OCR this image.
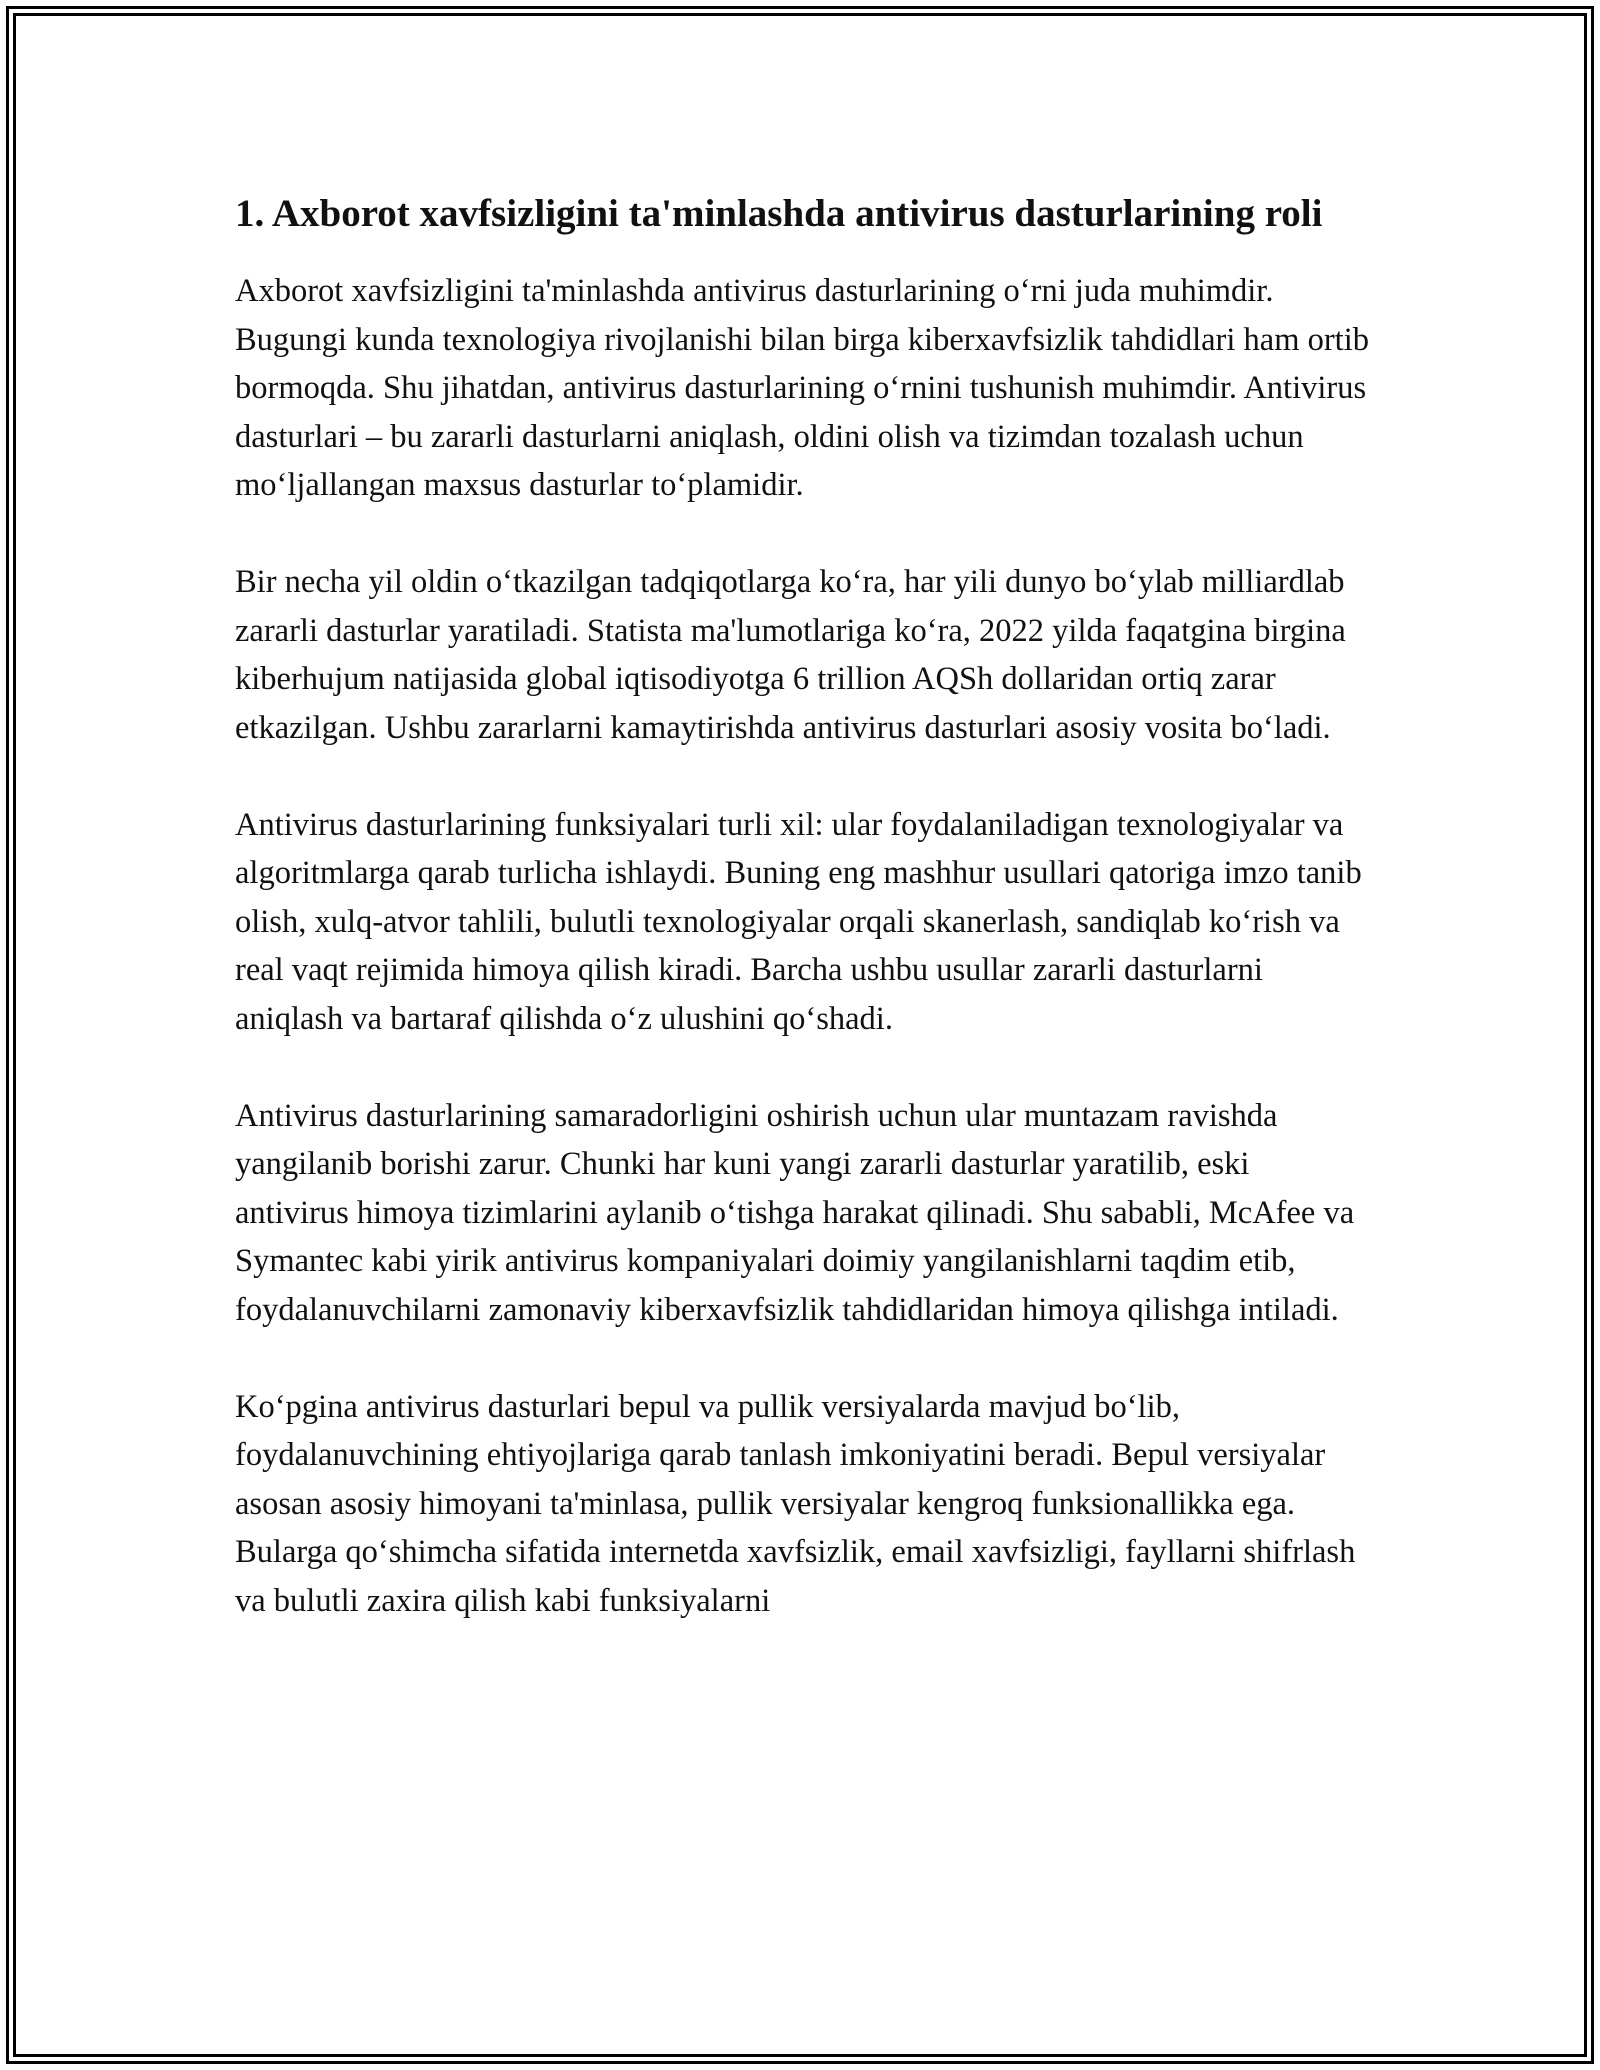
1. Axborot xavfsizligini ta'minlashda antivirus dasturlarining roli

Axborot xavfsizligini ta'minlashda antivirus dasturlarining o‘rni juda muhimdir. Bugungi kunda texnologiya rivojlanishi bilan birga kiberxavfsizlik tahdidlari ham ortib bormoqda. Shu jihatdan, antivirus dasturlarining o‘rnini tushunish muhimdir. Antivirus dasturlari – bu zararli dasturlarni aniqlash, oldini olish va tizimdan tozalash uchun mo‘ljallangan maxsus dasturlar to‘plamidir.

Bir necha yil oldin o‘tkazilgan tadqiqotlarga ko‘ra, har yili dunyo bo‘ylab milliardlab zararli dasturlar yaratiladi. Statista ma'lumotlariga ko‘ra, 2022 yilda faqatgina birgina kiberhujum natijasida global iqtisodiyotga 6 trillion AQSh dollaridan ortiq zarar etkazilgan. Ushbu zararlarni kamaytirishda antivirus dasturlari asosiy vosita bo‘ladi.

Antivirus dasturlarining funksiyalari turli xil: ular foydalaniladigan texnologiyalar va algoritmlarga qarab turlicha ishlaydi. Buning eng mashhur usullari qatoriga imzo tanib olish, xulq-atvor tahlili, bulutli texnologiyalar orqali skanerlash, sandiqlab ko‘rish va real vaqt rejimida himoya qilish kiradi. Barcha ushbu usullar zararli dasturlarni aniqlash va bartaraf qilishda o‘z ulushini qo‘shadi.

Antivirus dasturlarining samaradorligini oshirish uchun ular muntazam ravishda yangilanib borishi zarur. Chunki har kuni yangi zararli dasturlar yaratilib, eski antivirus himoya tizimlarini aylanib o‘tishga harakat qilinadi. Shu sababli, McAfee va Symantec kabi yirik antivirus kompaniyalari doimiy yangilanishlarni taqdim etib, foydalanuvchilarni zamonaviy kiberxavfsizlik tahdidlaridan himoya qilishga intiladi.

Ko‘pgina antivirus dasturlari bepul va pullik versiyalarda mavjud bo‘lib, foydalanuvchining ehtiyojlariga qarab tanlash imkoniyatini beradi. Bepul versiyalar asosan asosiy himoyani ta'minlasa, pullik versiyalar kengroq funksionallikka ega. Bularga qo‘shimcha sifatida internetda xavfsizlik, email xavfsizligi, fayllarni shifrlash va bulutli zaxira qilish kabi funksiyalarni
